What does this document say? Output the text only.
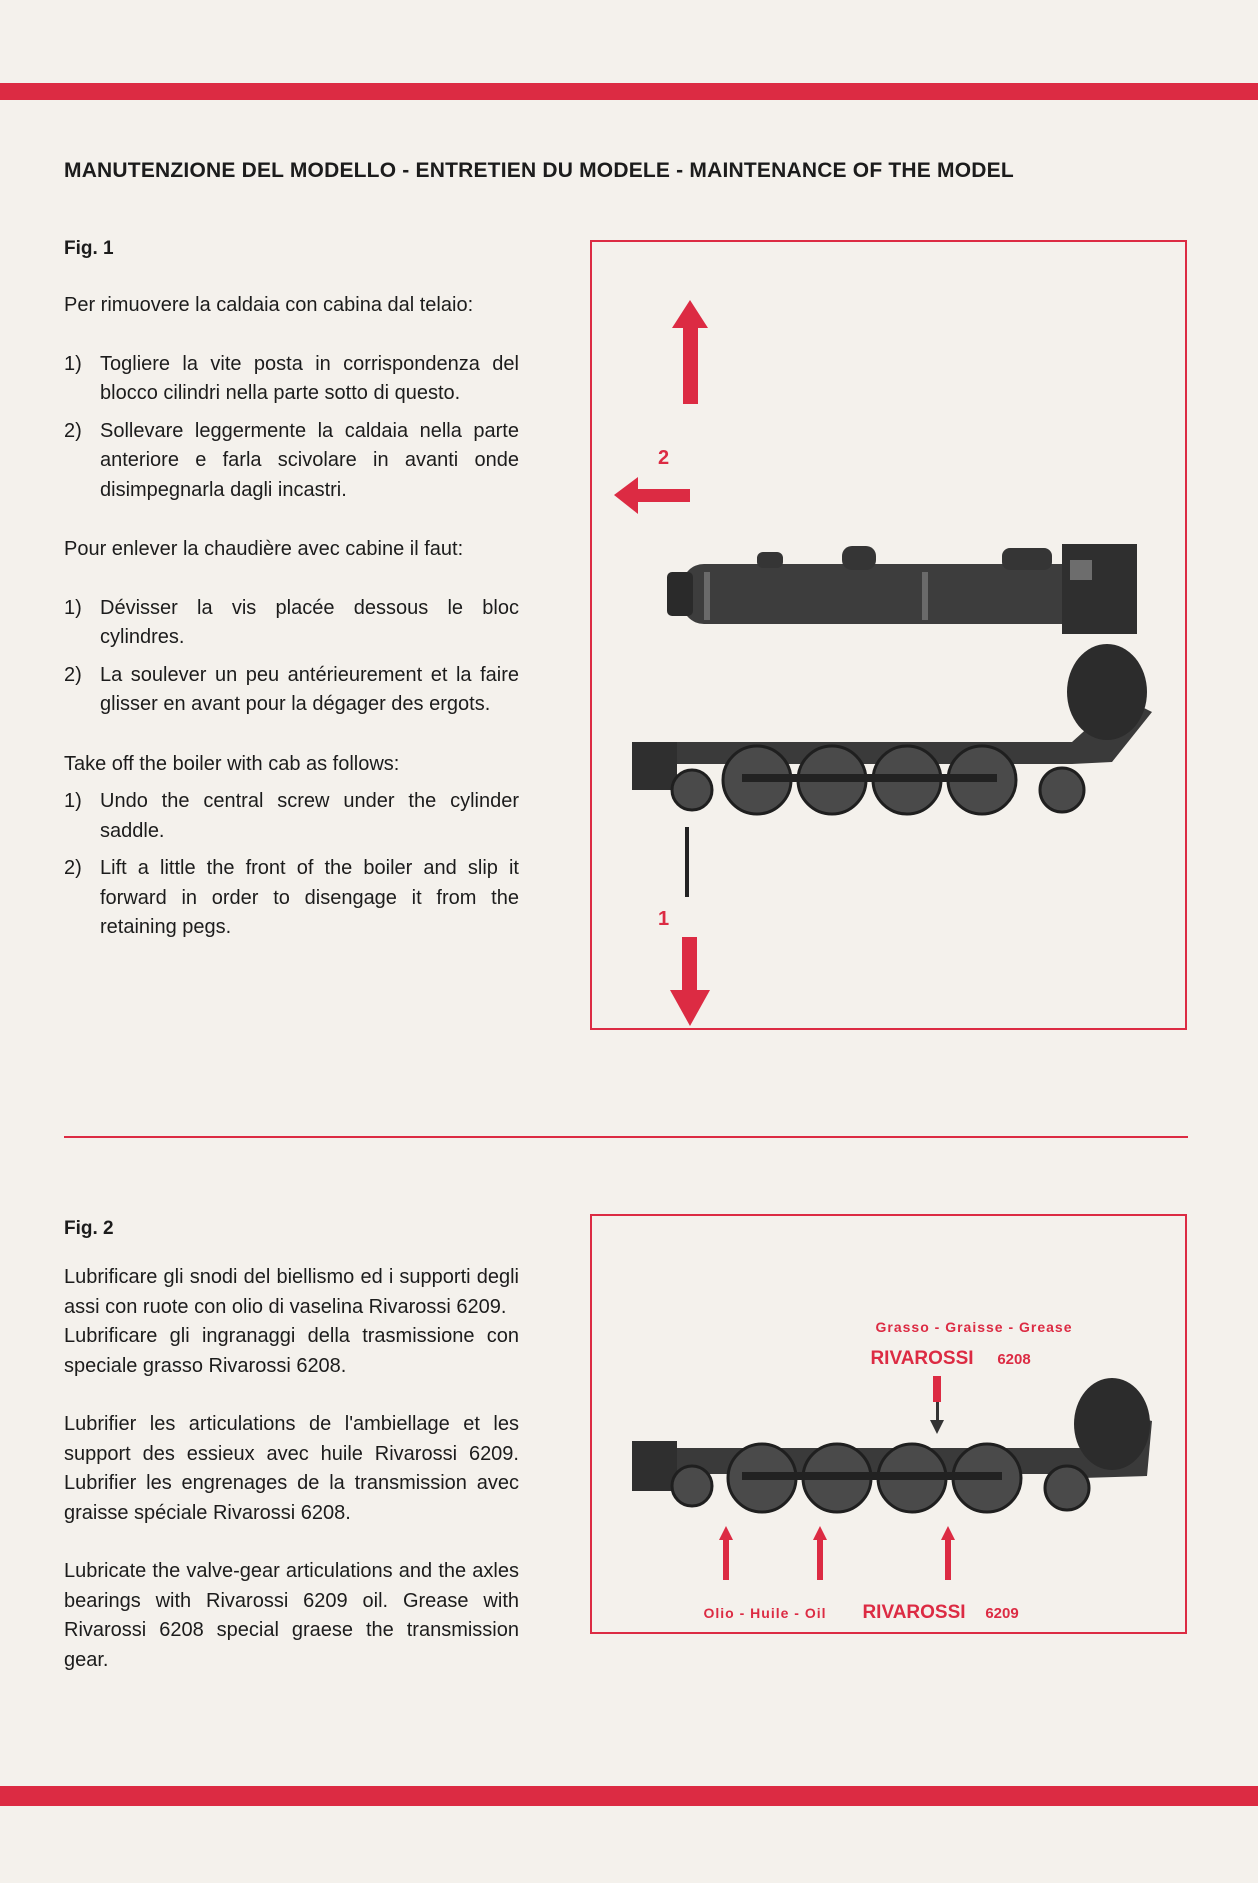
MANUTENZIONE DEL MODELLO - ENTRETIEN DU MODELE - MAINTENANCE OF THE MODEL
Fig. 1

Per rimuovere la caldaia con cabina dal telaio:

1) Togliere la vite posta in corrispondenza del blocco cilindri nella parte sotto di questo.
2) Sollevare leggermente la caldaia nella parte anteriore e farla scivolare in avanti onde disimpegnarla dagli incastri.

Pour enlever la chaudière avec cabine il faut:

1) Dévisser la vis placée dessous le bloc cylindres.
2) La soulever un peu antérieurement et la faire glisser en avant pour la dégager des ergots.

Take off the boiler with cab as follows:

1) Undo the central screw under the cylinder saddle.
2) Lift a little the front of the boiler and slip it forward in order to disengage it from the retaining pegs.
2
1
Fig. 2

Lubrificare gli snodi del biellismo ed i supporti degli assi con ruote con olio di vaselina Rivarossi 6209.

Lubrificare gli ingranaggi della trasmissione con speciale grasso Rivarossi 6208.

Lubrifier les articulations de l'ambiellage et les support des essieux avec huile Rivarossi 6209. Lubrifier les engrenages de la transmission avec graisse spéciale Rivarossi 6208.

Lubricate the valve-gear articulations and the axles bearings with Rivarossi 6209 oil. Grease with Rivarossi 6208 special graese the transmission gear.

Grasso - Graisse - Grease
RIVAROSSI 6208
Olio - Huile - Oil RIVAROSSI 6209
